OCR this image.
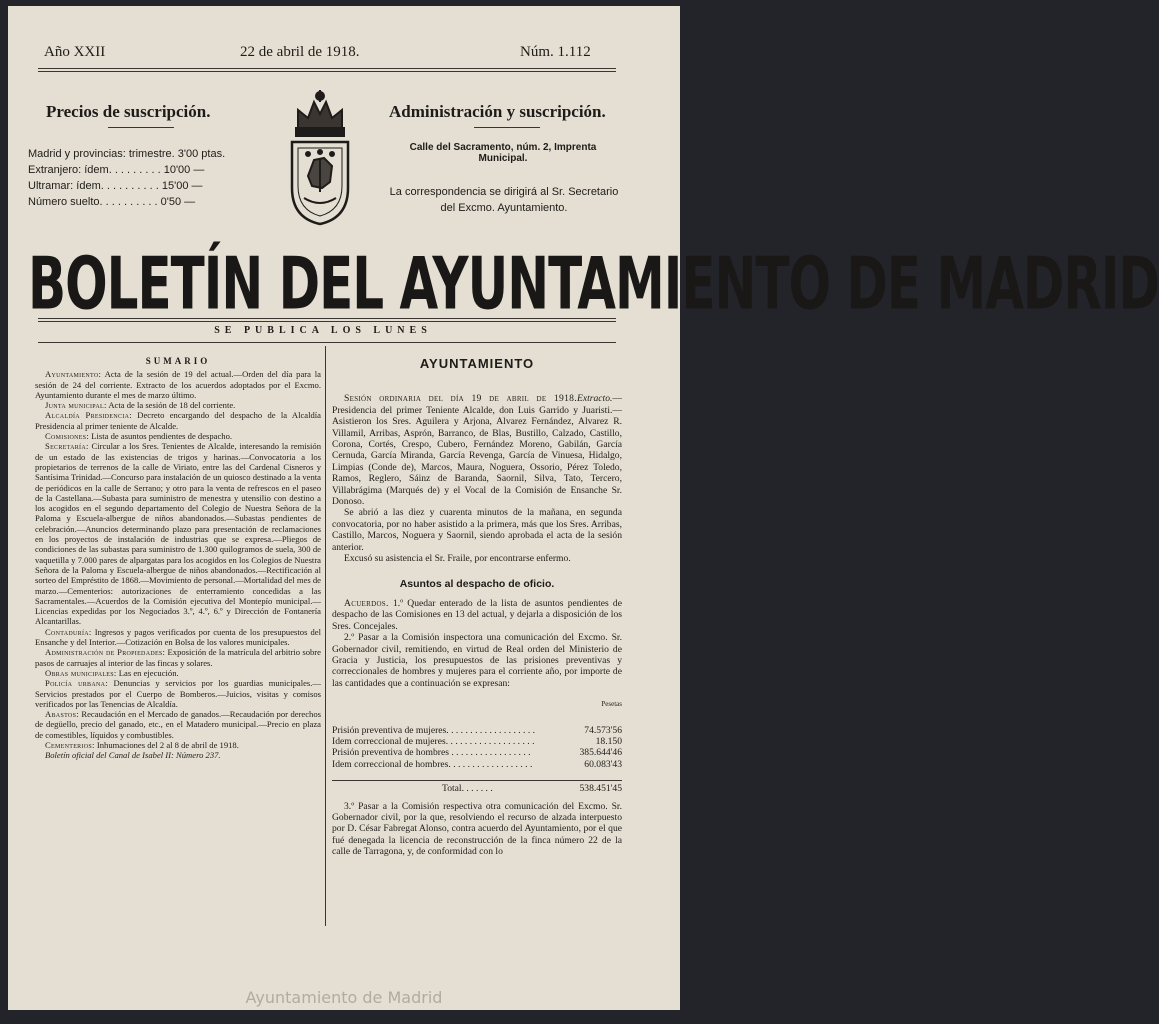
Año XXII	22 de abril de 1918.	Núm. 1.112
Precios de suscripción.
Madrid y provincias: trimestre. 3'00 ptas.
Extranjero: ídem. . . . . . . . . 10'00 —
Ultramar: ídem. . . . . . . . . . 15'00 —
Número suelto. . . . . . . . . . 0'50 —
Administración y suscripción.
Calle del Sacramento, núm. 2, Imprenta Municipal.
La correspondencia se dirigirá al Sr. Secretario del Excmo. Ayuntamiento.
BOLETÍN DEL AYUNTAMIENTO DE MADRID
SE PUBLICA LOS LUNES
SUMARIO

Ayuntamiento: Acta de la sesión de 19 del actual.—Orden del día para la sesión de 24 del corriente. Extracto de los acuerdos adoptados por el Excmo. Ayuntamiento durante el mes de marzo último.

Junta municipal: Acta de la sesión de 18 del corriente.

Alcaldía Presidencia: Decreto encargando del despacho de la Alcaldía Presidencia al primer teniente de Alcalde.

Comisiones: Lista de asuntos pendientes de despacho.

Secretaría: Circular a los Sres. Tenientes de Alcalde, interesando la remisión de un estado de las existencias de trigos y harinas.—Convocatoria a los propietarios de terrenos de la calle de Viriato, entre las del Cardenal Cisneros y Santísima Trinidad.—Concurso para instalación de un quiosco destinado a la venta de periódicos en la calle de Serrano; y otro para la venta de refrescos en el paseo de la Castellana.—Subasta para suministro de menestra y utensilio con destino a los acogidos en el segundo departamento del Colegio de Nuestra Señora de la Paloma y Escuela-albergue de niños abandonados.—Subastas pendientes de celebración.—Anuncios determinando plazo para presentación de reclamaciones en los proyectos de instalación de industrias que se expresa.—Pliegos de condiciones de las subastas para suministro de 1.300 quilogramos de suela, 300 de vaquetilla y 7.000 pares de alpargatas para los acogidos en los Colegios de Nuestra Señora de la Paloma y Escuela-albergue de niños abandonados.—Rectificación al sorteo del Empréstito de 1868.—Movimiento de personal.—Mortalidad del mes de marzo.—Cementerios: autorizaciones de enterramiento concedidas a las Sacramentales.—Acuerdos de la Comisión ejecutiva del Montepío municipal.—Licencias expedidas por los Negociados 3.º, 4.º, 6.º y Dirección de Fontanería Alcantarillas.

Contaduría: Ingresos y pagos verificados por cuenta de los presupuestos del Ensanche y del Interior.—Cotización en Bolsa de los valores municipales.

Administración de Propiedades: Exposición de la matrícula del arbitrio sobre pasos de carruajes al interior de las fincas y solares.

Obras municipales: Las en ejecución.

Policía urbana: Denuncias y servicios por los guardias municipales.—Servicios prestados por el Cuerpo de Bomberos.—Juicios, visitas y comisos verificados por las Tenencias de Alcaldía.

Abastos: Recaudación en el Mercado de ganados.—Recaudación por derechos de degüello, precio del ganado, etc., en el Matadero municipal.—Precio en plaza de comestibles, líquidos y combustibles.

Cementerios: Inhumaciones del 2 al 8 de abril de 1918.

Boletín oficial del Canal de Isabel II: Número 237.

AYUNTAMIENTO

Sesión ordinaria del día 19 de abril de 1918.Extracto.—Presidencia del primer Teniente Alcalde, don Luis Garrido y Juaristi.—Asistieron los Sres. Aguilera y Arjona, Alvarez Fernández, Alvarez R. Villamil, Arribas, Asprón, Barranco, de Blas, Bustillo, Calzado, Castillo, Corona, Cortés, Crespo, Cubero, Fernández Moreno, Gabilán, García Cernuda, García Miranda, García Revenga, García de Vinuesa, Hidalgo, Limpias (Conde de), Marcos, Maura, Noguera, Ossorio, Pérez Toledo, Ramos, Reglero, Sáinz de Baranda, Saornil, Silva, Tato, Tercero, Villabrágima (Marqués de) y el Vocal de la Comisión de Ensanche Sr. Donoso.

Se abrió a las diez y cuarenta minutos de la mañana, en segunda convocatoria, por no haber asistido a la primera, más que los Sres. Arribas, Castillo, Marcos, Noguera y Saornil, siendo aprobada el acta de la sesión anterior.

Excusó su asistencia el Sr. Fraile, por encontrarse enfermo.

Asuntos al despacho de oficio.

Acuerdos. 1.º Quedar enterado de la lista de asuntos pendientes de despacho de las Comisiones en 13 del actual, y dejarla a disposición de los Sres. Concejales.

2.º Pasar a la Comisión inspectora una comunicación del Excmo. Sr. Gobernador civil, remitiendo, en virtud de Real orden del Ministerio de Gracia y Justicia, los presupuestos de las prisiones preventivas y correccionales de hombres y mujeres para el corriente año, por importe de las cantidades que a continuación se expresan:

Pesetas
Prisión preventiva de mujeres. . . . . . . . . . . . . . . . . . .	74.573'56
Idem correccional de mujeres. . . . . . . . . . . . . . . . . . .	18.150
Prisión preventiva de hombres . . . . . . . . . . . . . . . . .	385.644'46
Idem correccional de hombres. . . . . . . . . . . . . . . . . .	60.083'43
Total. . . . . . .	538.451'45

3.º Pasar a la Comisión respectiva otra comunicación del Excmo. Sr. Gobernador civil, por la que, resolviendo el recurso de alzada interpuesto por D. César Fabregat Alonso, contra acuerdo del Ayuntamiento, por el que fué denegada la licencia de reconstrucción de la finca número 22 de la calle de Tarragona, y, de conformidad con lo

Ayuntamiento de Madrid
